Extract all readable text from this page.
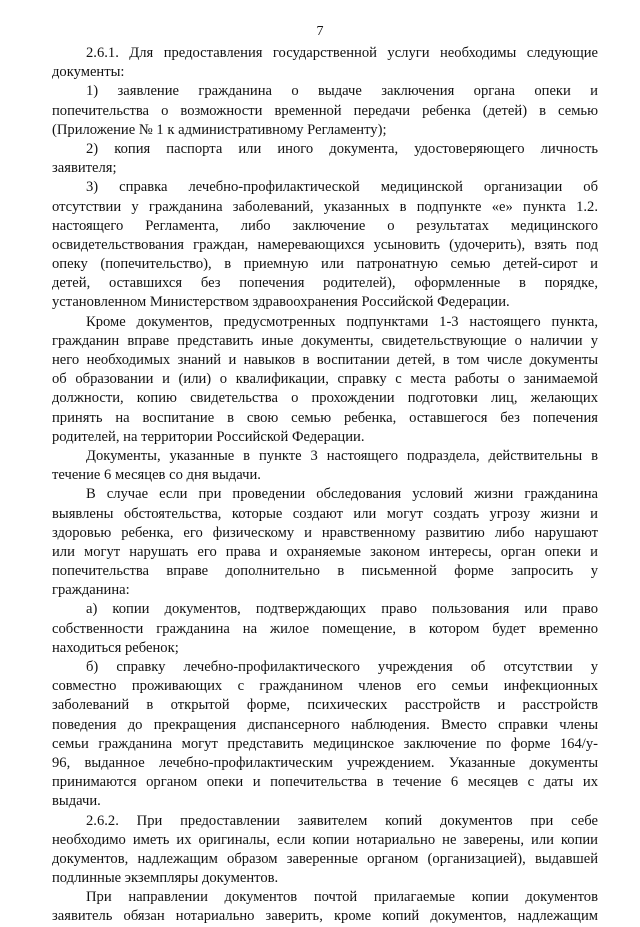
7
2.6.1. Для предоставления государственной услуги необходимы следующие
документы:
1) заявление гражданина о выдаче заключения органа опеки и
попечительства о возможности временной передачи ребенка (детей) в семью
(Приложение № 1 к административному Регламенту);
2) копия паспорта или иного документа, удостоверяющего личность
заявителя;
3) справка лечебно-профилактической медицинской организации об
отсутствии у гражданина заболеваний, указанных в подпункте «е» пункта 1.2.
настоящего Регламента, либо заключение о результатах медицинского
освидетельствования граждан, намеревающихся усыновить (удочерить), взять под
опеку (попечительство), в приемную или патронатную семью детей-сирот и
детей, оставшихся без попечения родителей), оформленные в порядке,
установленном Министерством здравоохранения Российской Федерации.
Кроме документов, предусмотренных подпунктами 1-3 настоящего пункта,
гражданин вправе представить иные документы, свидетельствующие о наличии у
него необходимых знаний и навыков в воспитании детей, в том числе документы
об образовании и (или) о квалификации, справку с места работы о занимаемой
должности, копию свидетельства о прохождении подготовки лиц, желающих
принять на воспитание в свою семью ребенка, оставшегося без попечения
родителей, на территории Российской Федерации.
Документы, указанные в пункте 3 настоящего подраздела, действительны в
течение 6 месяцев со дня выдачи.
В случае если при проведении обследования условий жизни гражданина
выявлены обстоятельства, которые создают или могут создать угрозу жизни и
здоровью ребенка, его физическому и нравственному развитию либо нарушают
или могут нарушать его права и охраняемые законом интересы, орган опеки и
попечительства вправе дополнительно в письменной форме запросить у
гражданина:
а) копии документов, подтверждающих право пользования или право
собственности гражданина на жилое помещение, в котором будет временно
находиться ребенок;
б) справку лечебно-профилактического учреждения об отсутствии у
совместно проживающих с гражданином членов его семьи инфекционных
заболеваний в открытой форме, психических расстройств и расстройств
поведения до прекращения диспансерного наблюдения. Вместо справки члены
семьи гражданина могут представить медицинское заключение по форме 164/у-
96, выданное лечебно-профилактическим учреждением. Указанные документы
принимаются органом опеки и попечительства в течение 6 месяцев с даты их
выдачи.
2.6.2. При предоставлении заявителем копий документов при себе
необходимо иметь их оригиналы, если копии нотариально не заверены, или копии
документов, надлежащим образом заверенные органом (организацией), выдавшей
подлинные экземпляры документов.
При направлении документов почтой прилагаемые копии документов
заявитель обязан нотариально заверить, кроме копий документов, надлежащим
